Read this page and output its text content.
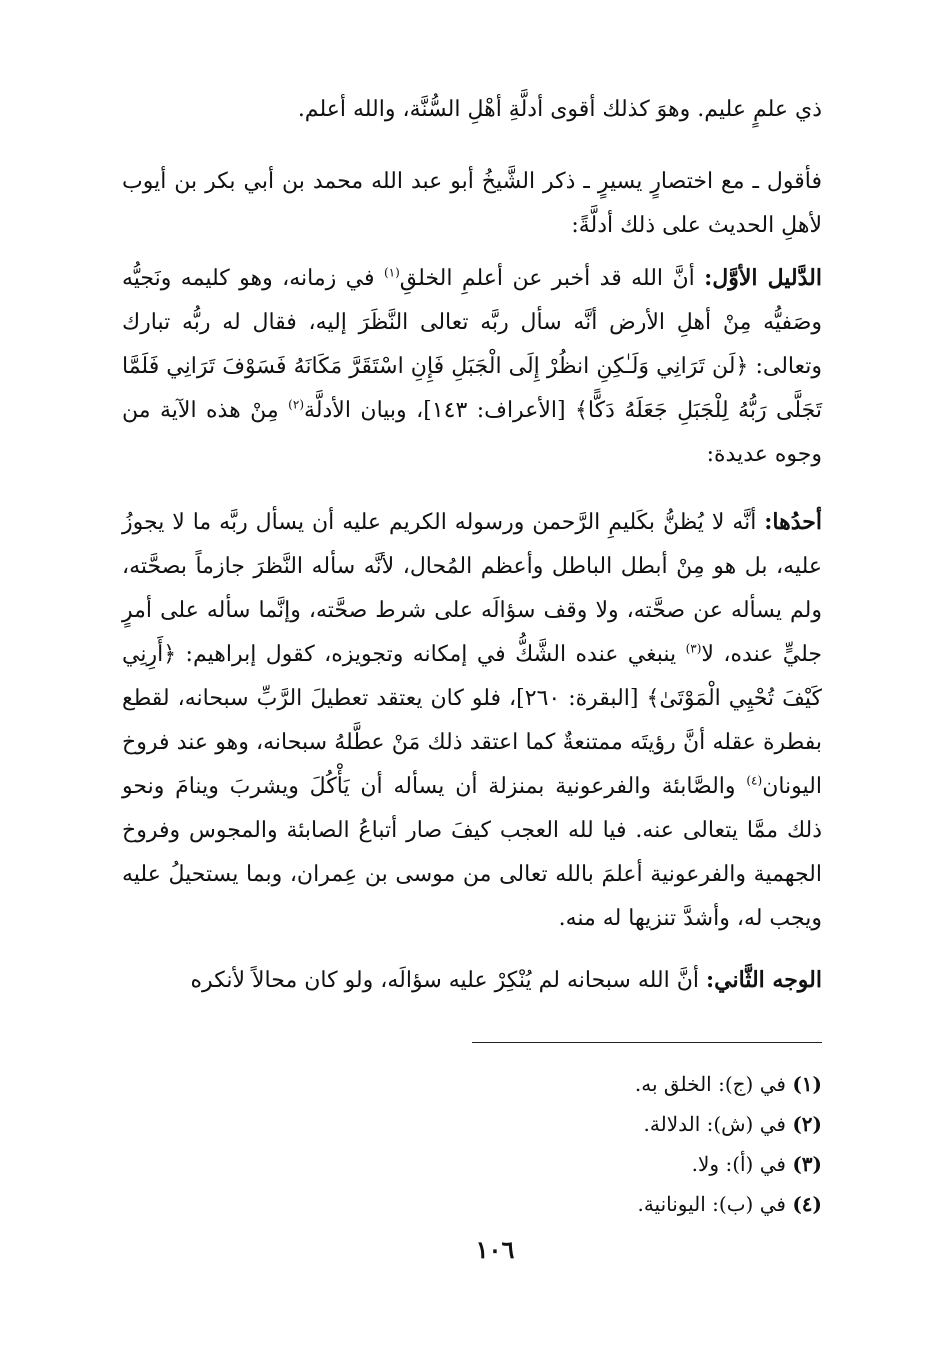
ذي علمٍ عليم. وهوَ كذلك أقوى أدلَّةِ أهْلِ السُّنَّة، والله أعلم.
فأقول ـ مع اختصارٍ يسيرٍ ـ ذكر الشَّيخُ أبو عبد الله محمد بن أبي بكر بن أيوب لأهلِ الحديث على ذلك أدلَّةً:
الدَّليل الأوَّل: أنَّ الله قد أخبر عن أعلمِ الخلقِ$^{(١)}$ في زمانه، وهو كليمه ونَجيُّه وصَفيُّه مِنْ أهلِ الأرض أنَّه سأل ربَّه تعالى النَّظَرَ إليه، فقال له ربُّه تبارك وتعالى: ﴿لَن تَرَانِي وَلَـٰكِنِ انظُرْ إِلَى الْجَبَلِ فَإِنِ اسْتَقَرَّ مَكَانَهُ فَسَوْفَ تَرَانِي فَلَمَّا تَجَلَّى رَبُّهُ لِلْجَبَلِ جَعَلَهُ دَكًّا﴾ [الأعراف: ١٤٣]، وبيان الأدلَّة$^{(٢)}$ مِنْ هذه الآية من وجوه عديدة:
أحدُها: أنَّه لا يُظنُّ بكَليمِ الرَّحمن ورسوله الكريم عليه أن يسأل ربَّه ما لا يجوزُ عليه، بل هو مِنْ أبطل الباطل وأعظم المُحال، لأنَّه سأله النَّظرَ جازماً بصحَّته، ولم يسأله عن صحَّته، ولا وقف سؤالَه على شرط صحَّته، وإنَّما سأله على أمرٍ جليٍّ عنده، لا$^{(٣)}$ ينبغي عنده الشَّكُّ في إمكانه وتجويزه، كقول إبراهيم: ﴿أَرِنِي كَيْفَ تُحْيِي الْمَوْتَىٰ﴾ [البقرة: ٢٦٠]، فلو كان يعتقد تعطيلَ الرَّبِّ سبحانه، لقطع بفطرة عقله أنَّ رؤيتَه ممتنعةٌ كما اعتقد ذلك مَنْ عطَّلهُ سبحانه، وهو عند فروخ اليونان$^{(٤)}$ والصَّابئة والفرعونية بمنزلة أن يسأله أن يَأْكُلَ ويشربَ وينامَ ونحو ذلك ممَّا يتعالى عنه. فيا لله العجب كيفَ صار أتباعُ الصابئة والمجوس وفروخ الجهمية والفرعونية أعلمَ بالله تعالى من موسى بن عِمران، وبما يستحيلُ عليه ويجب له، وأشدَّ تنزيها له منه.
الوجه الثَّاني: أنَّ الله سبحانه لم يُنْكِرْ عليه سؤالَه، ولو كان محالاً لأنكره
(١) في (ج): الخلق به.
(٢) في (ش): الدلالة.
(٣) في (أ): ولا.
(٤) في (ب): اليونانية.
١٠٦
